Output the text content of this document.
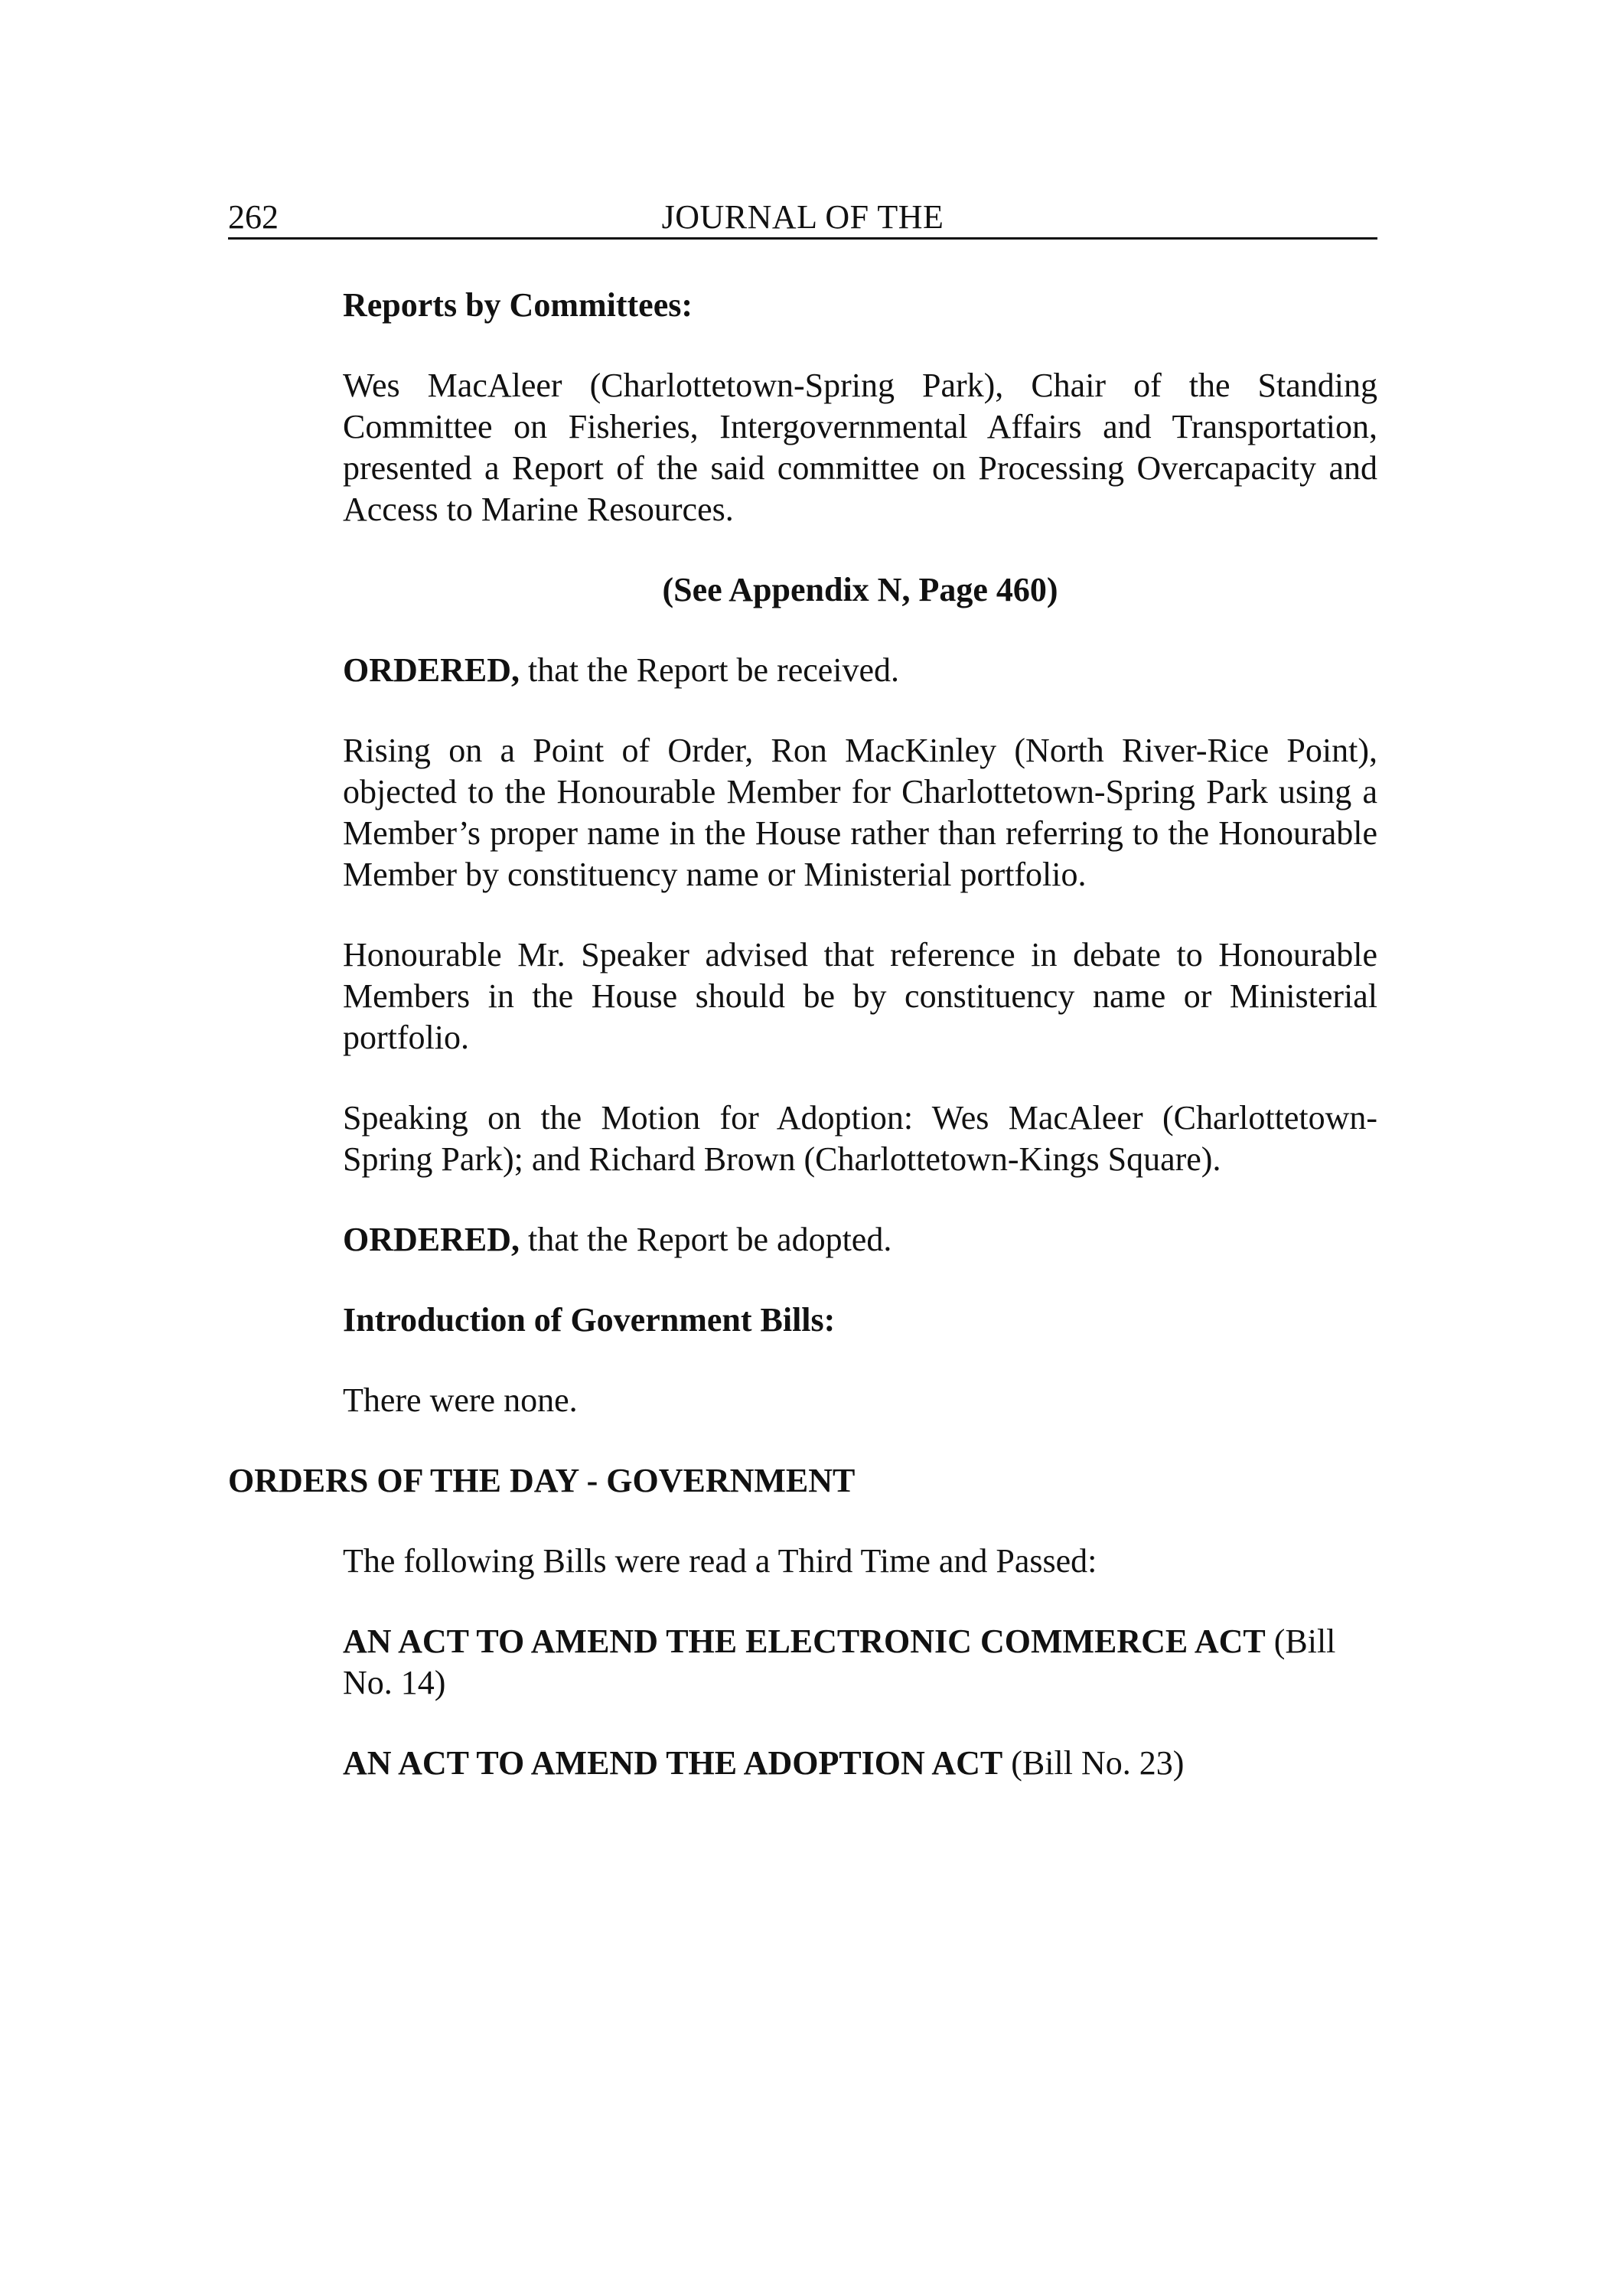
262	JOURNAL OF THE

Reports by Committees:

Wes MacAleer (Charlottetown-Spring Park), Chair of the Standing Committee on Fisheries, Intergovernmental Affairs and Transportation, presented a Report of the said committee on Processing Overcapacity and Access to Marine Resources.

(See Appendix N, Page 460)

ORDERED, that the Report be received.

Rising on a Point of Order, Ron MacKinley (North River-Rice Point), objected to the Honourable Member for Charlottetown-Spring Park using a Member’s proper name in the House rather than referring to the Honourable Member by constituency name or Ministerial portfolio.

Honourable Mr. Speaker advised that reference in debate to Honourable Members in the House should be by constituency name or Ministerial portfolio.

Speaking on the Motion for Adoption: Wes MacAleer (Charlottetown-Spring Park); and Richard Brown (Charlottetown-Kings Square).

ORDERED, that the Report be adopted.

Introduction of Government Bills:

There were none.

ORDERS OF THE DAY - GOVERNMENT

The following Bills were read a Third Time and Passed:

AN ACT TO AMEND THE ELECTRONIC COMMERCE ACT (Bill No. 14)

AN ACT TO AMEND THE ADOPTION ACT (Bill No. 23)
